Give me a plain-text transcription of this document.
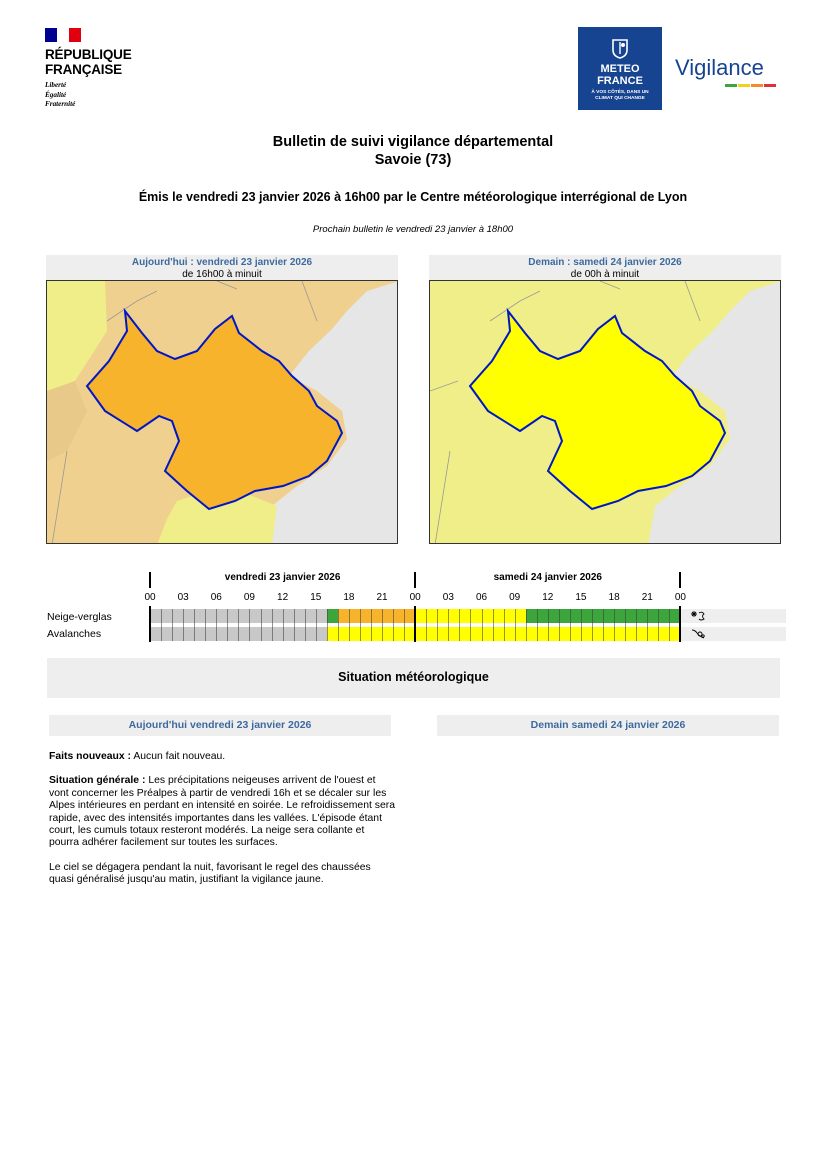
RÉPUBLIQUE
FRANÇAISE
Liberté
Égalité
Fraternité
METEO
FRANCE
À VOS CÔTÉS, DANS UN
CLIMAT QUI CHANGE
Vigilance
Bulletin de suivi vigilance départemental
Savoie (73)
Émis le vendredi 23 janvier 2026 à 16h00 par le Centre météorologique interrégional de Lyon
Prochain bulletin le vendredi 23 janvier à 18h00
Aujourd'hui : vendredi 23 janvier 2026
de 16h00 à minuit
Demain : samedi 24 janvier 2026
de 00h à minuit
vendredi 23 janvier 2026	samedi 24 janvier 2026
00	03	06	09	12	15	18	21	00	03	06	09	12	15	18	21	00
Neige-verglas
Avalanches
Situation météorologique
Aujourd'hui vendredi 23 janvier 2026	Demain samedi 24 janvier 2026

Faits nouveaux : Aucun fait nouveau.

Situation générale : Les précipitations neigeuses arrivent de l'ouest et vont concerner les Préalpes à partir de vendredi 16h et se décaler sur les Alpes intérieures en perdant en intensité en soirée. Le refroidissement sera rapide, avec des intensités importantes dans les vallées. L'épisode étant court, les cumuls totaux resteront modérés. La neige sera collante et pourra adhérer facilement sur toutes les surfaces.

Le ciel se dégagera pendant la nuit, favorisant le regel des chaussées quasi généralisé jusqu'au matin, justifiant la vigilance jaune.
